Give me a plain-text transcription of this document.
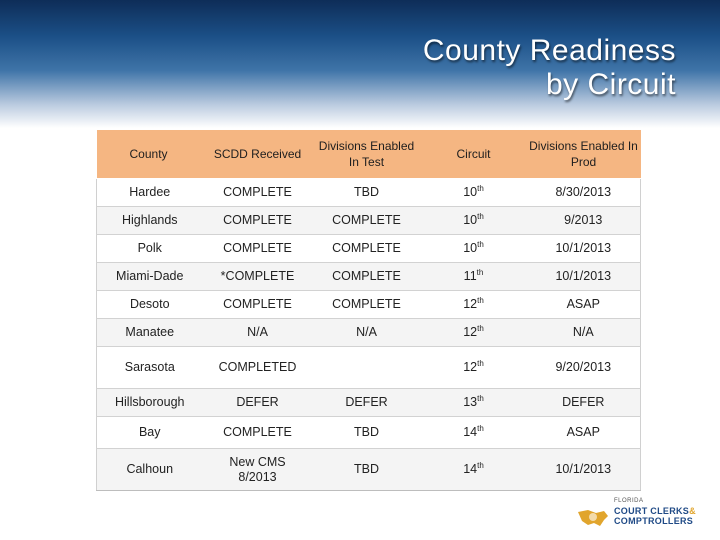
County Readiness
by Circuit
County	SCDD Received	Divisions Enabled In Test	Circuit	Divisions Enabled In Prod
Hardee	COMPLETE	TBD	10th	8/30/2013
Highlands	COMPLETE	COMPLETE	10th	9/2013
Polk	COMPLETE	COMPLETE	10th	10/1/2013
Miami-Dade	*COMPLETE	COMPLETE	11th	10/1/2013
Desoto	COMPLETE	COMPLETE	12th	ASAP
Manatee	N/A	N/A	12th	N/A
Sarasota	COMPLETED		12th	9/20/2013
Hillsborough	DEFER	DEFER	13th	DEFER
Bay	COMPLETE	TBD	14th	ASAP
Calhoun	New CMS 8/2013	TBD	14th	10/1/2013
FLORIDA
COURT CLERKS&
COMPTROLLERS
